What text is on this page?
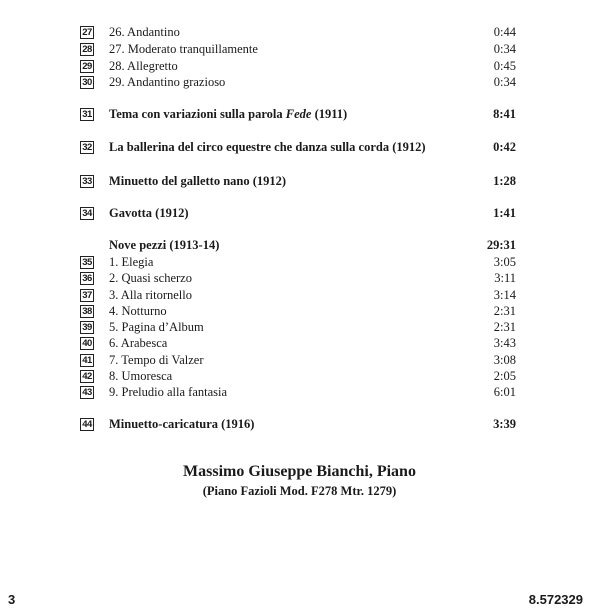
27 26. Andantino	0:44
28 27. Moderato tranquillamente	0:34
29 28. Allegretto	0:45
30 29. Andantino grazioso	0:34
31 Tema con variazioni sulla parola Fede (1911)	8:41
32 La ballerina del circo equestre che danza sulla corda (1912)	0:42
33 Minuetto del galletto nano (1912)	1:28
34 Gavotta (1912)	1:41
Nove pezzi (1913-14)	29:31
35 1. Elegia	3:05
36 2. Quasi scherzo	3:11
37 3. Alla ritornello	3:14
38 4. Notturno	2:31
39 5. Pagina d’Album	2:31
40 6. Arabesca	3:43
41 7. Tempo di Valzer	3:08
42 8. Umoresca	2:05
43 9. Preludio alla fantasia	6:01
44 Minuetto-caricatura (1916)	3:39
Massimo Giuseppe Bianchi, Piano
(Piano Fazioli Mod. F278 Mtr. 1279)
3	8.572329
